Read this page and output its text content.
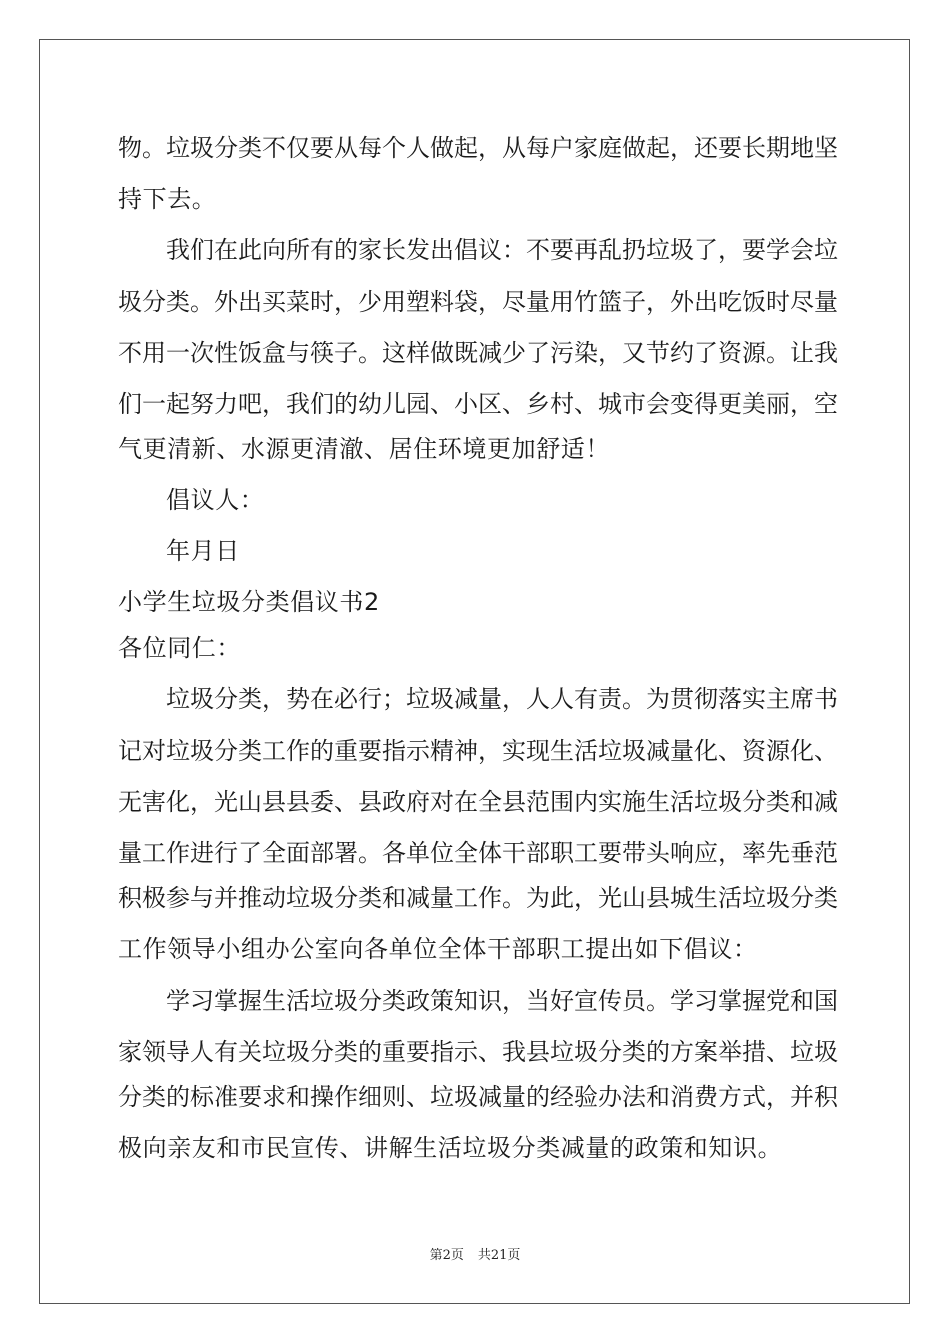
物。垃圾分类不仅要从每个人做起，从每户家庭做起，还要长期地坚
持下去。
我们在此向所有的家长发出倡议：不要再乱扔垃圾了，要学会垃
圾分类。外出买菜时，少用塑料袋，尽量用竹篮子，外出吃饭时尽量
不用一次性饭盒与筷子。这样做既减少了污染，又节约了资源。让我
们一起努力吧，我们的幼儿园、小区、乡村、城市会变得更美丽，空
气更清新、水源更清澈、居住环境更加舒适！
倡议人：
年月日
小学生垃圾分类倡议书2
各位同仁：
垃圾分类，势在必行；垃圾减量，人人有责。为贯彻落实主席书
记对垃圾分类工作的重要指示精神，实现生活垃圾减量化、资源化、
无害化，光山县县委、县政府对在全县范围内实施生活垃圾分类和减
量工作进行了全面部署。各单位全体干部职工要带头响应，率先垂范
积极参与并推动垃圾分类和减量工作。为此，光山县城生活垃圾分类
工作领导小组办公室向各单位全体干部职工提出如下倡议：
学习掌握生活垃圾分类政策知识，当好宣传员。学习掌握党和国
家领导人有关垃圾分类的重要指示、我县垃圾分类的方案举措、垃圾
分类的标准要求和操作细则、垃圾减量的经验办法和消费方式，并积
极向亲友和市民宣传、讲解生活垃圾分类减量的政策和知识。
第2页 共21页
